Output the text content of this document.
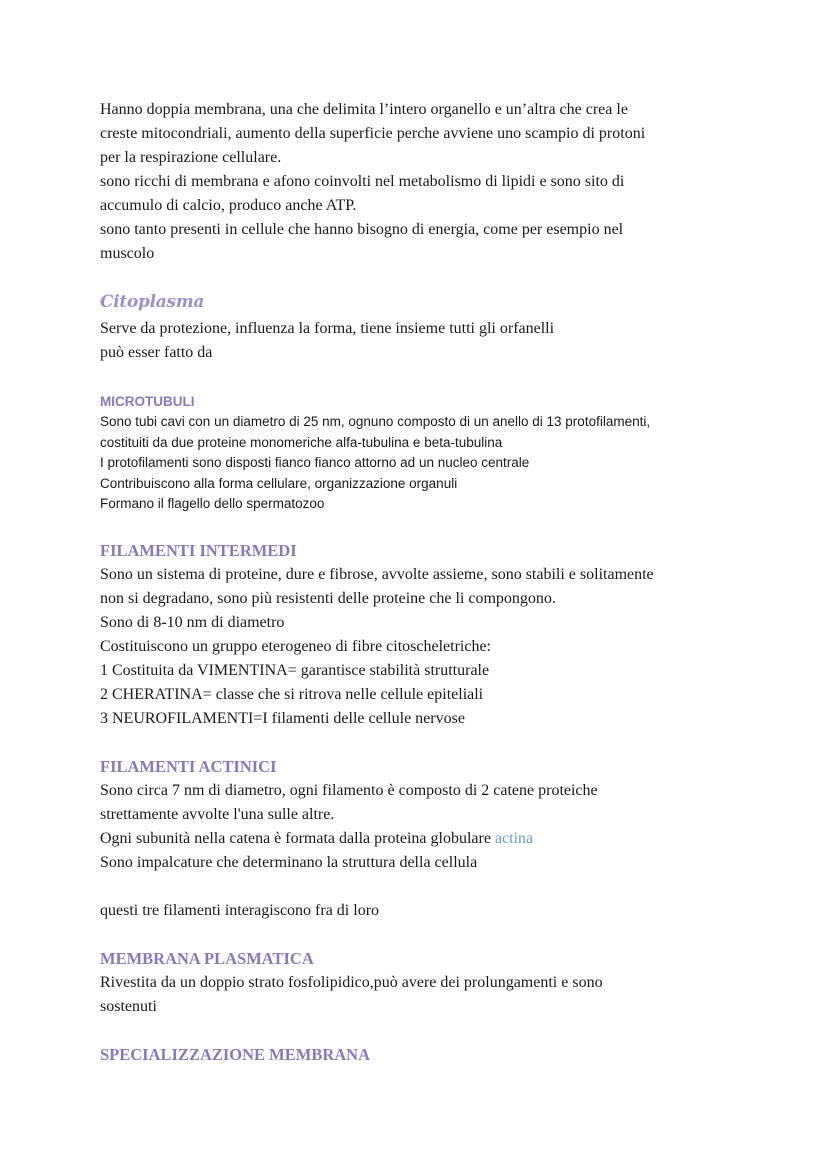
Hanno doppia membrana, una che delimita l’intero organello e un’altra che crea le

creste mitocondriali, aumento della superficie perche avviene uno scampio di protoni

per la respirazione cellulare.

sono ricchi di membrana e afono coinvolti nel metabolismo di lipidi e sono sito di

accumulo di calcio, produco anche ATP.

sono tanto presenti in cellule che hanno bisogno di energia, come per esempio nel

muscolo

Citoplasma

Serve da protezione, influenza la forma, tiene insieme tutti gli orfanelli

può esser fatto da

MICROTUBULI

Sono tubi cavi con un diametro di 25 nm, ognuno composto di un anello di 13 protofilamenti,

costituiti da due proteine monomeriche alfa-tubulina e beta-tubulina

I protofilamenti sono disposti fianco fianco attorno ad un nucleo centrale

Contribuiscono alla forma cellulare, organizzazione organuli

Formano il flagello dello spermatozoo

FILAMENTI INTERMEDI

Sono un sistema di proteine, dure e fibrose, avvolte assieme, sono stabili e solitamente

non si degradano, sono più resistenti delle proteine che li compongono.

Sono di 8-10 nm di diametro

Costituiscono un gruppo eterogeneo di fibre citoscheletriche:

1 Costituita da VIMENTINA= garantisce stabilità strutturale

2 CHERATINA= classe che si ritrova nelle cellule epiteliali

3 NEUROFILAMENTI=I filamenti delle cellule nervose

FILAMENTI ACTINICI

Sono circa 7 nm di diametro, ogni filamento è composto di 2 catene proteiche

strettamente avvolte l'una sulle altre.

Ogni subunità nella catena è formata dalla proteina globulare actina

Sono impalcature che determinano la struttura della cellula

questi tre filamenti interagiscono fra di loro

MEMBRANA PLASMATICA

Rivestita da un doppio strato fosfolipidico,può avere dei prolungamenti e sono

sostenuti

SPECIALIZZAZIONE MEMBRANA
